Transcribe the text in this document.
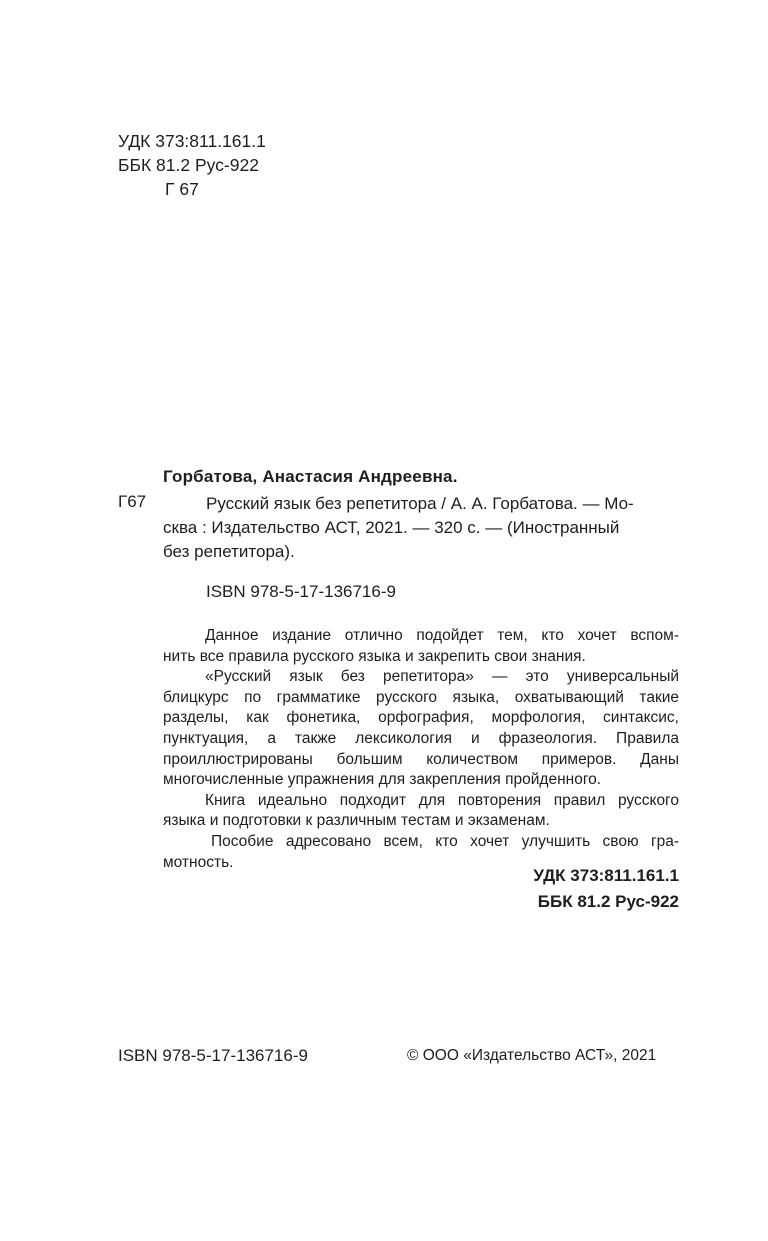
УДК 373:811.161.1
ББК 81.2 Рус-922
Г 67
Горбатова, Анастасия Андреевна.
Г67	Русский язык без репетитора / А. А. Горбатова. — Мо-
сква : Издательство АСТ, 2021. — 320 с. — (Иностранный
без репетитора).
ISBN 978-5-17-136716-9
Данное издание отлично подойдет тем, кто хочет вспом-
нить все правила русского языка и закрепить свои знания.
«Русский язык без репетитора» — это универсальный
блицкурс по грамматике русского языка, охватывающий такие
разделы, как фонетика, орфография, морфология, синтаксис,
пунктуация, а также лексикология и фразеология. Правила
проиллюстрированы большим количеством примеров. Даны
многочисленные упражнения для закрепления пройденного.
Книга идеально подходит для повторения правил русского
языка и подготовки к различным тестам и экзаменам.
Пособие адресовано всем, кто хочет улучшить свою гра-
мотность.
УДК 373:811.161.1
ББК 81.2 Рус-922
ISBN 978-5-17-136716-9	© ООО «Издательство АСТ», 2021
